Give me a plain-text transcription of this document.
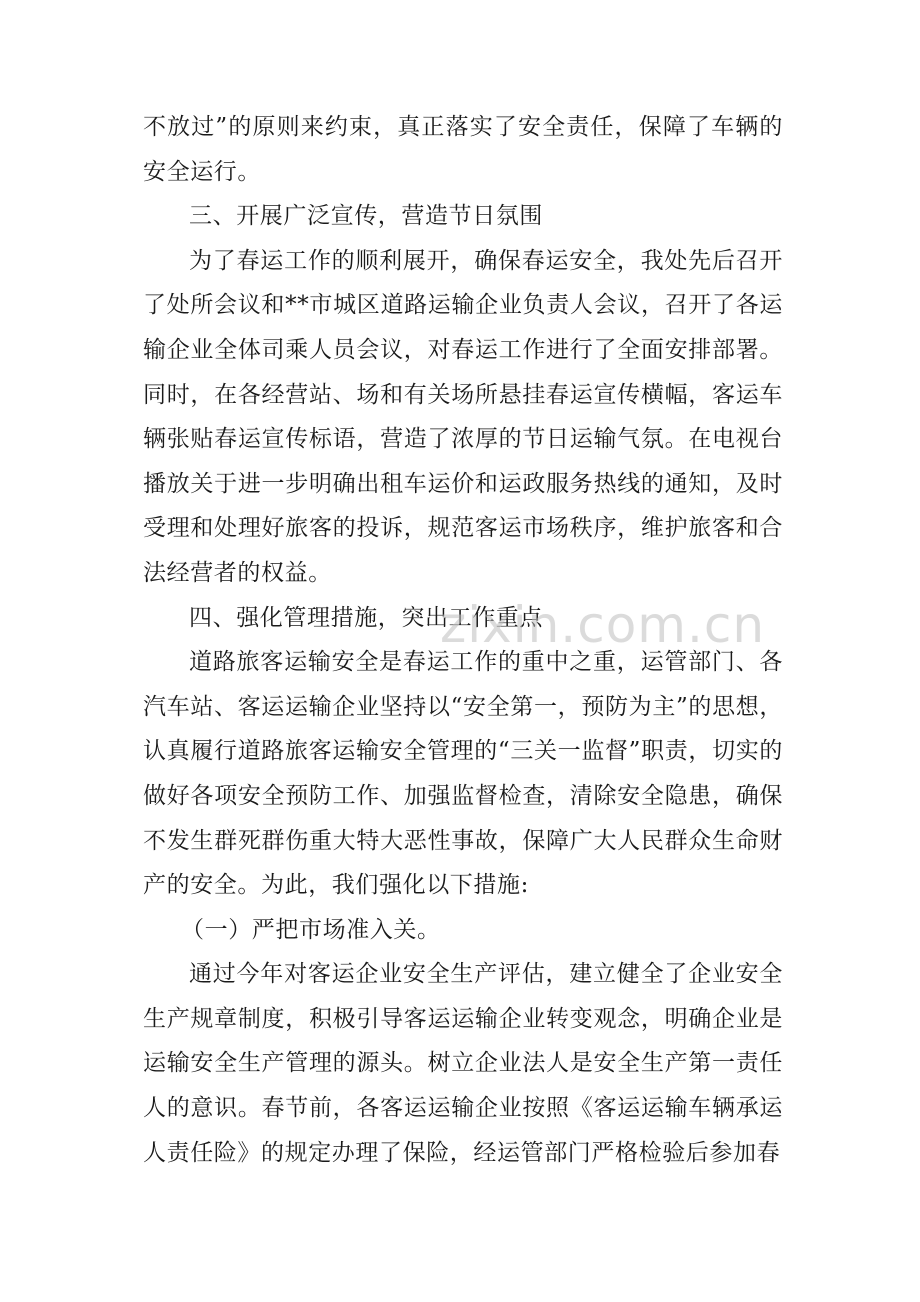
不放过”的原则来约束，真正落实了安全责任，保障了车辆的安全运行。

三、开展广泛宣传，营造节日氛围

为了春运工作的顺利展开，确保春运安全，我处先后召开了处所会议和**市城区道路运输企业负责人会议，召开了各运输企业全体司乘人员会议，对春运工作进行了全面安排部署。同时，在各经营站、场和有关场所悬挂春运宣传横幅，客运车辆张贴春运宣传标语，营造了浓厚的节日运输气氛。在电视台播放关于进一步明确出租车运价和运政服务热线的通知，及时受理和处理好旅客的投诉，规范客运市场秩序，维护旅客和合法经营者的权益。

四、强化管理措施，突出工作重点

道路旅客运输安全是春运工作的重中之重，运管部门、各汽车站、客运运输企业坚持以“安全第一，预防为主”的思想，认真履行道路旅客运输安全管理的“三关一监督”职责，切实的做好各项安全预防工作、加强监督检查，清除安全隐患，确保不发生群死群伤重大特大恶性事故，保障广大人民群众生命财产的安全。为此，我们强化以下措施:

（一）严把市场准入关。

通过今年对客运企业安全生产评估，建立健全了企业安全生产规章制度，积极引导客运运输企业转变观念，明确企业是运输安全生产管理的源头。树立企业法人是安全生产第一责任人的意识。春节前，各客运运输企业按照《客运运输车辆承运人责任险》的规定办理了保险，经运管部门严格检验后参加春

zixin.com.cn
